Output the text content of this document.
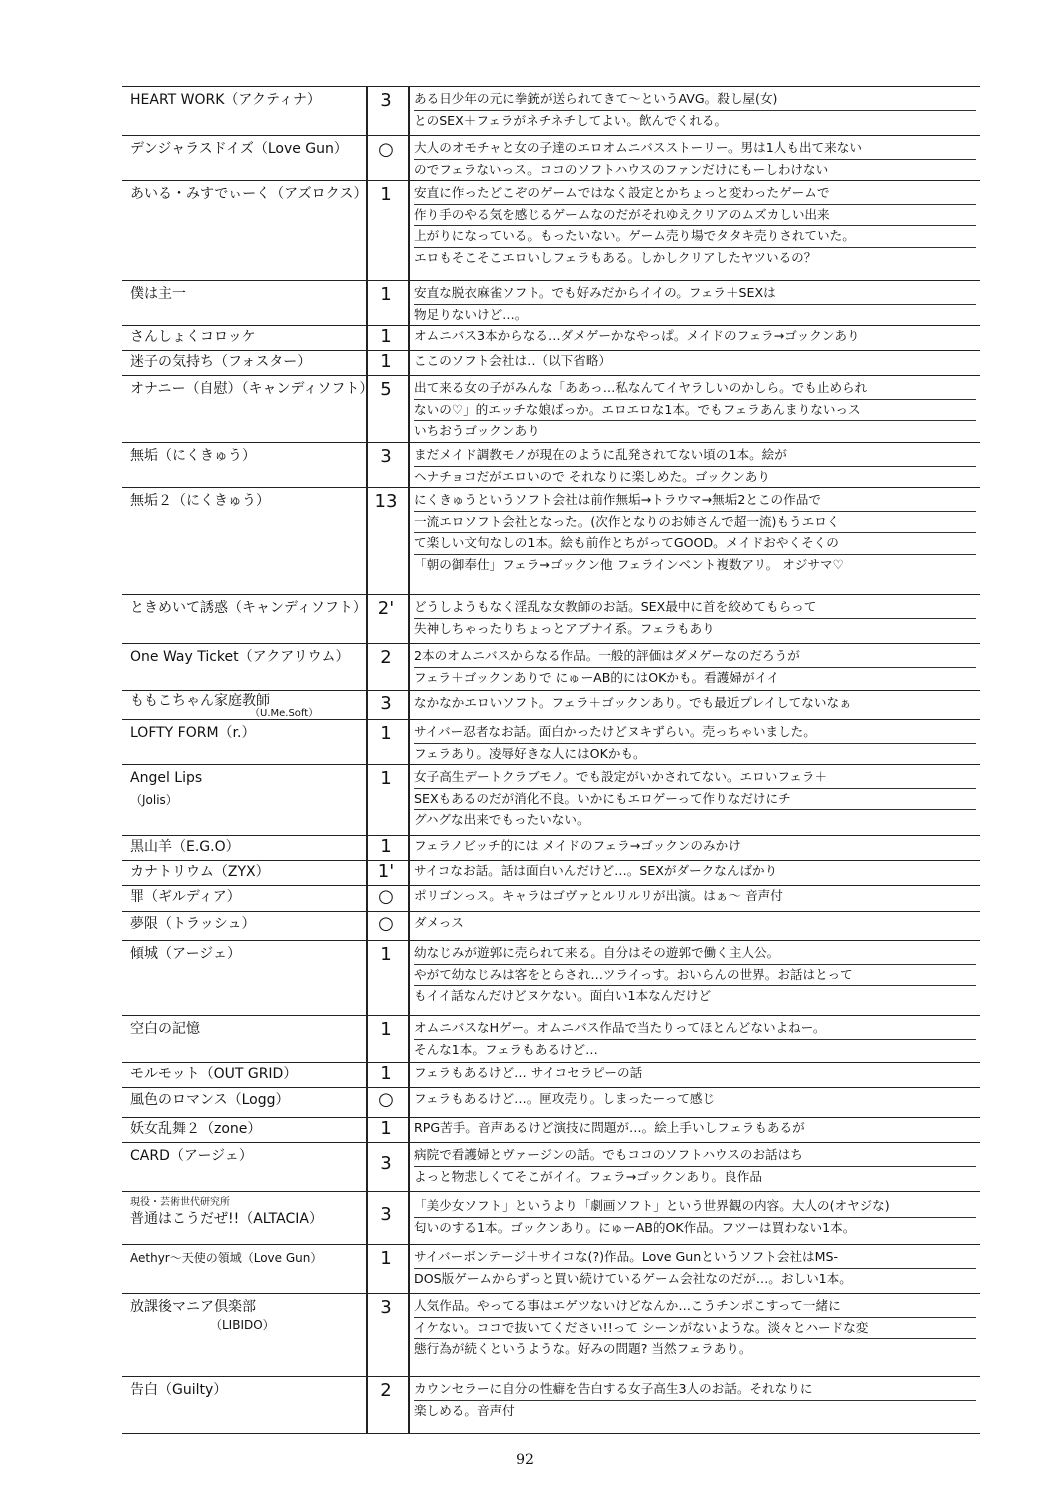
HEART WORK（アクティナ）	3	ある日少年の元に拳銃が送られてきて～というAVG。殺し屋(女)
とのSEX＋フェラがネチネチしてよい。飲んでくれる。
デンジャラスドイズ（Love Gun）	○	大人のオモチャと女の子達のエロオムニバスストーリー。男は1人も出て来ない
のでフェラないっス。ココのソフトハウスのファンだけにもーしわけない
あいる・みすでぃーく（アズロクス） 1	安直に作ったどこぞのゲームではなく設定とかちょっと変わったゲームで
作り手のやる気を感じるゲームなのだがそれゆえクリアのムズカしい出来
上がりになっている。もったいない。ゲーム売り場でタタキ売りされていた。
エロもそこそこエロいしフェラもある。しかしクリアしたヤツいるの？
僕は主一	1	安直な脱衣麻雀ソフト。でも好みだからイイの。フェラ＋SEXは
物足りないけど…。
さんしょくコロッケ	1	オムニバス3本からなる…ダメゲーかなやっぱ。メイドのフェラ→ゴックンあり
迷子の気持ち（フォスター）	1	ここのソフト会社は‥（以下省略）
オナニー（自慰）（キャンディソフト） 5	出て来る女の子がみんな「ああっ…私なんてイヤラしいのかしら。でも止められ
ないの♡」的エッチな娘ばっか。エロエロな1本。でもフェラあんまりないっス
いちおうゴックンあり
無垢（にくきゅう）	3	まだメイド調教モノが現在のように乱発されてない頃の1本。絵が
ヘナチョコだがエロいので それなりに楽しめた。ゴックンあり
無垢２（にくきゅう）	13	にくきゅうというソフト会社は前作無垢→トラウマ→無垢2とこの作品で
一流エロソフト会社となった。(次作となりのお姉さんで超一流)もうエロく
て楽しい文句なしの1本。絵も前作とちがってGOOD。メイドおやくそくの
「朝の御奉仕」フェラ→ゴックン他 フェラインベント複数アリ。 オジサマ♡
ときめいて誘惑（キャンディソフト） 2'	どうしようもなく淫乱な女教師のお話。SEX最中に首を絞めてもらって
失神しちゃったりちょっとアブナイ系。フェラもあり
One Way Ticket（アクアリウム）	2	2本のオムニバスからなる作品。一般的評価はダメゲーなのだろうが
フェラ＋ゴックンありで にゅーAB的にはOKかも。看護婦がイイ
ももこちゃん家庭教師
（U.Me.Soft）	3	なかなかエロいソフト。フェラ＋ゴックンあり。でも最近プレイしてないなぁ
LOFTY FORM（r.）	1	サイバー忍者なお話。面白かったけどヌキずらい。売っちゃいました。
フェラあり。凌辱好きな人にはOKかも。
Angel Lips
（Jolis）
1	女子高生デートクラブモノ。でも設定がいかされてない。エロいフェラ＋
SEXもあるのだが消化不良。いかにもエロゲーって作りなだけにチ
グハグな出来でもったいない。
黒山羊（E.G.O）	1	フェラノビッチ的には メイドのフェラ→ゴックンのみかけ
カナトリウム（ZYX）	1'	サイコなお話。話は面白いんだけど…。SEXがダークなんばかり
罪（ギルディア）	○	ポリゴンっス。キャラはゴヴァとルリルリが出演。はぁ～ 音声付
夢限（トラッシュ）	○	ダメっス
傾城（アージェ）	1	幼なじみが遊郭に売られて来る。自分はその遊郭で働く主人公。
やがて幼なじみは客をとらされ…ツライっす。おいらんの世界。お話はとって
もイイ話なんだけどヌケない。面白い1本なんだけど
空白の記憶	1	オムニバスなHゲー。オムニバス作品で当たりってほとんどないよねー。
そんな1本。フェラもあるけど…
モルモット（OUT GRID）	1	フェラもあるけど… サイコセラピーの話
風色のロマンス（Logg）	○	フェラもあるけど…。匣攻売り。しまったーって感じ
妖女乱舞２（zone）	1	RPG苦手。音声あるけど演技に問題が…。絵上手いしフェラもあるが
CARD（アージェ）	3	病院で看護婦とヴァージンの話。でもココのソフトハウスのお話はち
よっと物悲しくてそこがイイ。フェラ→ゴックンあり。良作品
現役・芸術世代研究所
普通はこうだぜ!!（ALTACIA）	3	「美少女ソフト」というより「劇画ソフト」という世界観の内容。大人の(オヤジな)
匂いのする1本。ゴックンあり。にゅーAB的OK作品。フツーは買わない1本。
Aethyr～天使の領域（Love Gun）	1	サイバーボンテージ＋サイコな(?)作品。Love Gunというソフト会社はMS-
DOS版ゲームからずっと買い続けているゲーム会社なのだが…。おしい1本。
放課後マニア倶楽部
（LIBIDO）
3	人気作品。やってる事はエゲツないけどなんか…こうチンポこすって一緒に
イケない。ココで抜いてください!!って シーンがないような。淡々とハードな変
態行為が続くというような。好みの問題? 当然フェラあり。
告白（Guilty）	2	カウンセラーに自分の性癖を告白する女子高生3人のお話。それなりに
楽しめる。音声付
92
